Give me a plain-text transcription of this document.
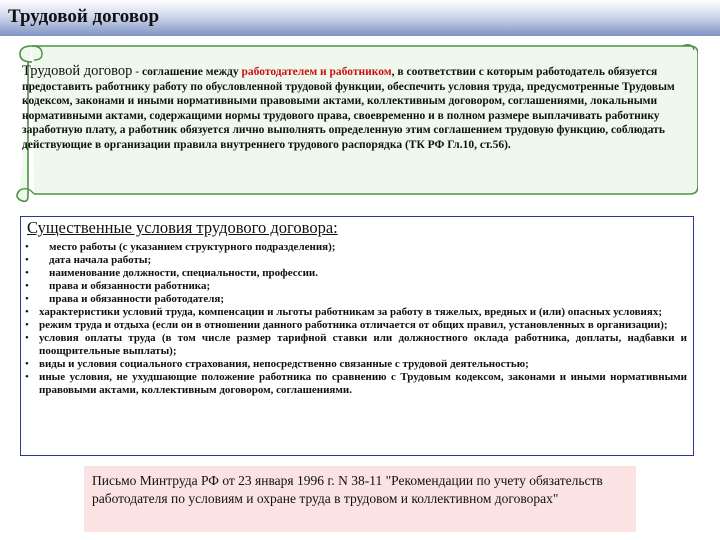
Трудовой договор

Трудовой договор - соглашение между работодателем и работником, в соответствии с которым работодатель обязуется предоставить работнику работу по обусловленной трудовой функции, обеспечить условия труда, предусмотренные Трудовым кодексом, законами и иными нормативными правовыми актами, коллективным договором, соглашениями, локальными нормативными актами, содержащими нормы трудового права, своевременно и в полном размере выплачивать работнику заработную плату, а работник обязуется лично выполнять определенную этим соглашением трудовую функцию, соблюдать действующие в организации правила внутреннего трудового распорядка (ТК РФ Гл.10, ст.56).

Существенные условия трудового договора:
• место работы (с указанием структурного подразделения);
• дата начала работы;
• наименование должности, специальности, профессии.
• права и обязанности работника;
• права и обязанности работодателя;
• характеристики условий труда, компенсации и льготы работникам за работу в тяжелых, вредных и (или) опасных условиях;
• режим труда и отдыха (если он в отношении данного работника отличается от общих правил, установленных в организации);
• условия оплаты труда (в том числе размер тарифной ставки или должностного оклада работника, доплаты, надбавки и поощрительные выплаты);
• виды и условия социального страхования, непосредственно связанные с трудовой деятельностью;
• иные условия, не ухудшающие положение работника по сравнению с Трудовым кодексом, законами и иными нормативными правовыми актами, коллективным договором, соглашениями.
Письмо Минтруда РФ от 23 января 1996 г. N 38-11 "Рекомендации по учету обязательств работодателя по условиям и охране труда в трудовом и коллективном договорах"
